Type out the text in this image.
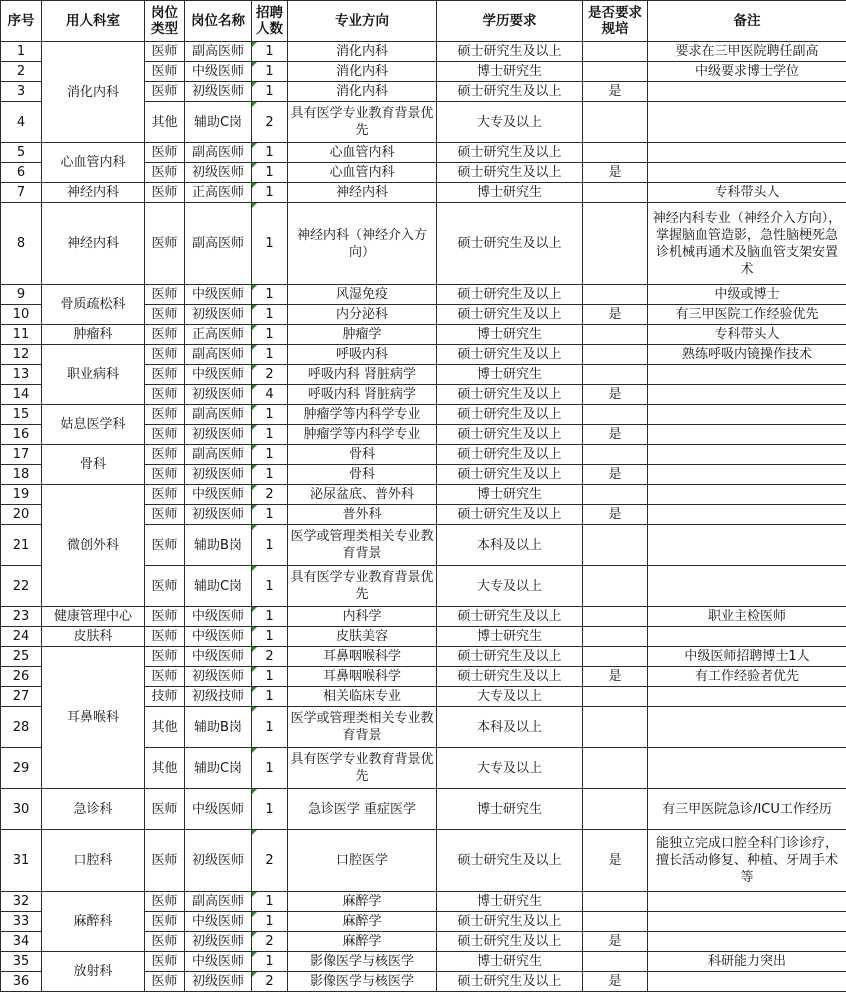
序号	用人科室	岗位类型	岗位名称	招聘人数	专业方向	学历要求	是否要求规培	备注
1	消化内科	医师	副高医师	1	消化内科	硕士研究生及以上		要求在三甲医院聘任副高
2		医师	中级医师	1	消化内科	博士研究生		中级要求博士学位
3		医师	初级医师	1	消化内科	硕士研究生及以上	是	
4		其他	辅助C岗	2	具有医学专业教育背景优先	大专及以上		
5	心血管内科	医师	副高医师	1	心血管内科	硕士研究生及以上		
6		医师	初级医师	1	心血管内科	硕士研究生及以上	是	
7	神经内科	医师	正高医师	1	神经内科	博士研究生		专科带头人
8	神经内科	医师	副高医师	1	神经内科（神经介入方向）	硕士研究生及以上		神经内科专业（神经介入方向），掌握脑血管造影，急性脑梗死急诊机械再通术及脑血管支架安置术
9	骨质疏松科	医师	中级医师	1	风湿免疫	硕士研究生及以上		中级或博士
10		医师	初级医师	1	内分泌科	硕士研究生及以上	是	有三甲医院工作经验优先
11	肿瘤科	医师	正高医师	1	肿瘤学	博士研究生		专科带头人
12	职业病科	医师	副高医师	1	呼吸内科	硕士研究生及以上		熟练呼吸内镜操作技术
13		医师	中级医师	2	呼吸内科 肾脏病学	博士研究生		
14		医师	初级医师	4	呼吸内科 肾脏病学	硕士研究生及以上	是	
15	姑息医学科	医师	副高医师	1	肿瘤学等内科学专业	硕士研究生及以上		
16		医师	初级医师	1	肿瘤学等内科学专业	硕士研究生及以上	是	
17	骨科	医师	副高医师	1	骨科	硕士研究生及以上		
18		医师	初级医师	1	骨科	硕士研究生及以上	是	
19	微创外科	医师	中级医师	2	泌尿盆底、普外科	博士研究生		
20		医师	初级医师	1	普外科	硕士研究生及以上	是	
21		医师	辅助B岗	1	医学或管理类相关专业教育背景	本科及以上		
22		医师	辅助C岗	1	具有医学专业教育背景优先	大专及以上		
23	健康管理中心	医师	中级医师	1	内科学	硕士研究生及以上		职业主检医师
24	皮肤科	医师	中级医师	1	皮肤美容	博士研究生		
25	耳鼻喉科	医师	中级医师	2	耳鼻咽喉科学	硕士研究生及以上		中级医师招聘博士1人
26		医师	初级医师	1	耳鼻咽喉科学	硕士研究生及以上	是	有工作经验者优先
27		技师	初级技师	1	相关临床专业	大专及以上		
28		其他	辅助B岗	1	医学或管理类相关专业教育背景	本科及以上		
29		其他	辅助C岗	1	具有医学专业教育背景优先	大专及以上		
30	急诊科	医师	中级医师	1	急诊医学 重症医学	博士研究生		有三甲医院急诊/ICU工作经历
31	口腔科	医师	初级医师	2	口腔医学	硕士研究生及以上	是	能独立完成口腔全科门诊诊疗，擅长活动修复、种植、牙周手术等
32	麻醉科	医师	副高医师	1	麻醉学	博士研究生		
33		医师	中级医师	1	麻醉学	硕士研究生及以上		
34		医师	初级医师	2	麻醉学	硕士研究生及以上	是	
35	放射科	医师	中级医师	1	影像医学与核医学	博士研究生		科研能力突出
36		医师	初级医师	2	影像医学与核医学	硕士研究生及以上	是	
